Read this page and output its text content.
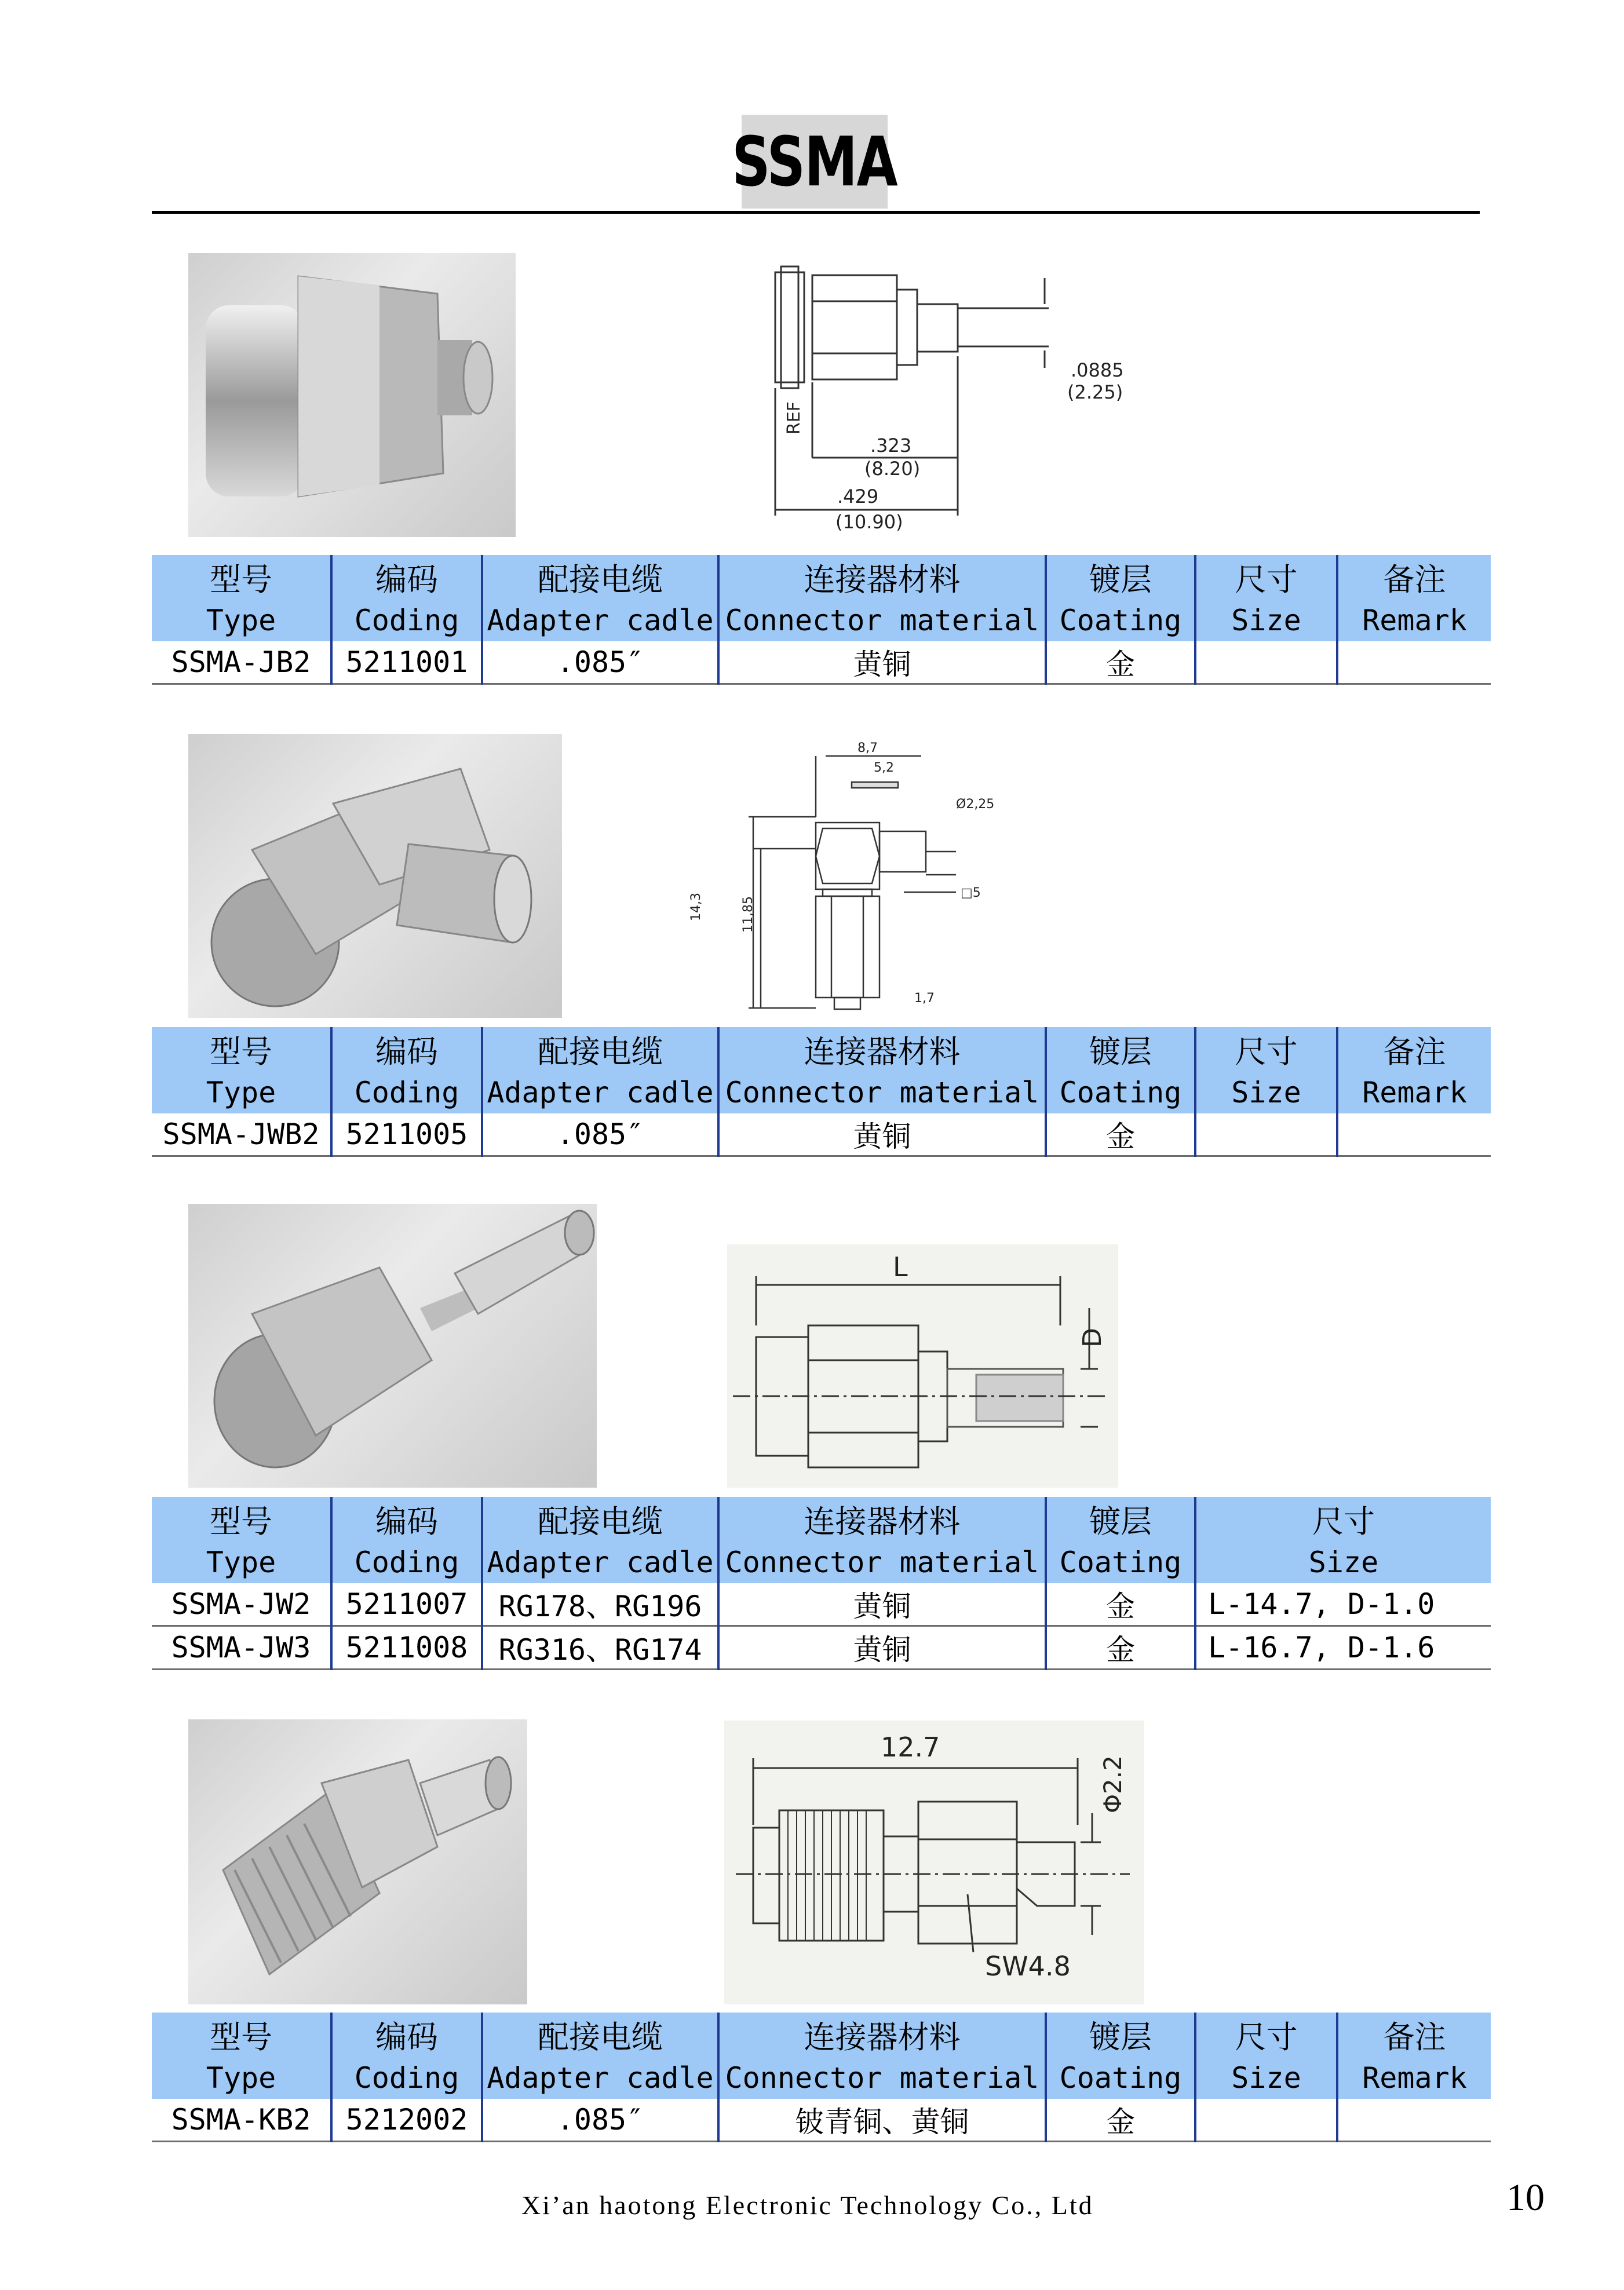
SSMA
.0885
(2.25)
REF
.323
(8.20)
.429
(10.90)
型号	编码	配接电缆	连接器材料	镀层	尺寸	备注
Type	Coding	Adapter cadle	Connector material	Coating	Size	Remark
SSMA-JB2	5211001	.085″	黄铜	金		
8,7
5,2
Ø2,25
□5
14,3	11,85
1,7
型号	编码	配接电缆	连接器材料	镀层	尺寸	备注
Type	Coding	Adapter cadle	Connector material	Coating	Size	Remark
SSMA-JWB2	5211005	.085″	黄铜	金		
L
D
型号	编码	配接电缆	连接器材料	镀层	尺寸
Type	Coding	Adapter cadle	Connector material	Coating	Size
SSMA-JW2	5211007	RG178、RG196	黄铜	金	L-14.7, D-1.0
SSMA-JW3	5211008	RG316、RG174	黄铜	金	L-16.7, D-1.6
12.7
Φ2.2
SW4.8
型号	编码	配接电缆	连接器材料	镀层	尺寸	备注
Type	Coding	Adapter cadle	Connector material	Coating	Size	Remark
SSMA-KB2	5212002	.085″	铍青铜、黄铜	金		
Xi’an haotong Electronic Technology Co., Ltd	10
